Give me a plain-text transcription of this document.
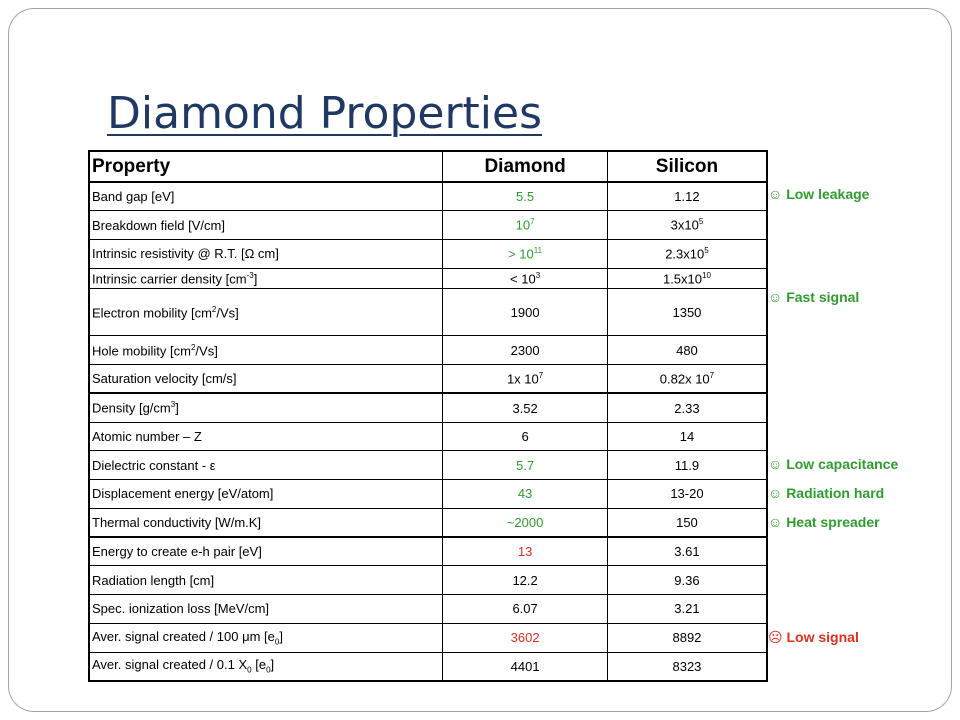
Diamond Properties
Property	Diamond	Silicon
Band gap [eV]	5.5	1.12
Breakdown field [V/cm]	$10^7$	$3x10^5$
Intrinsic resistivity @ R.T. [Ω cm]	> $10^{11}$	$2.3x10^5$
Intrinsic carrier density $[cm^{-3}]$	< $10^3$	$1.5x10^{10}$
Electron mobility $[cm^2/Vs]$	1900	1350
Hole mobility $[cm^2/Vs]$	2300	480
Saturation velocity [cm/s]	1x $10^7$	0.82x $10^7$
Density $[g/cm^3]$	3.52	2.33
Atomic number – Z	6	14
Dielectric constant - ε	5.7	11.9
Displacement energy [eV/atom]	43	13-20
Thermal conductivity [W/m.K]	~2000	150
Energy to create e-h pair [eV]	13	3.61
Radiation length [cm]	12.2	9.36
Spec. ionization loss [MeV/cm]	6.07	3.21
Aver. signal created / 100 μm $[e_0]$	3602	8892
Aver. signal created / 0.1 $X_0$ $[e_0]$	4401	8323
☺ Low leakage
☺ Fast signal
☺ Low capacitance
☺ Radiation hard
☺ Heat spreader
☹ Low signal
